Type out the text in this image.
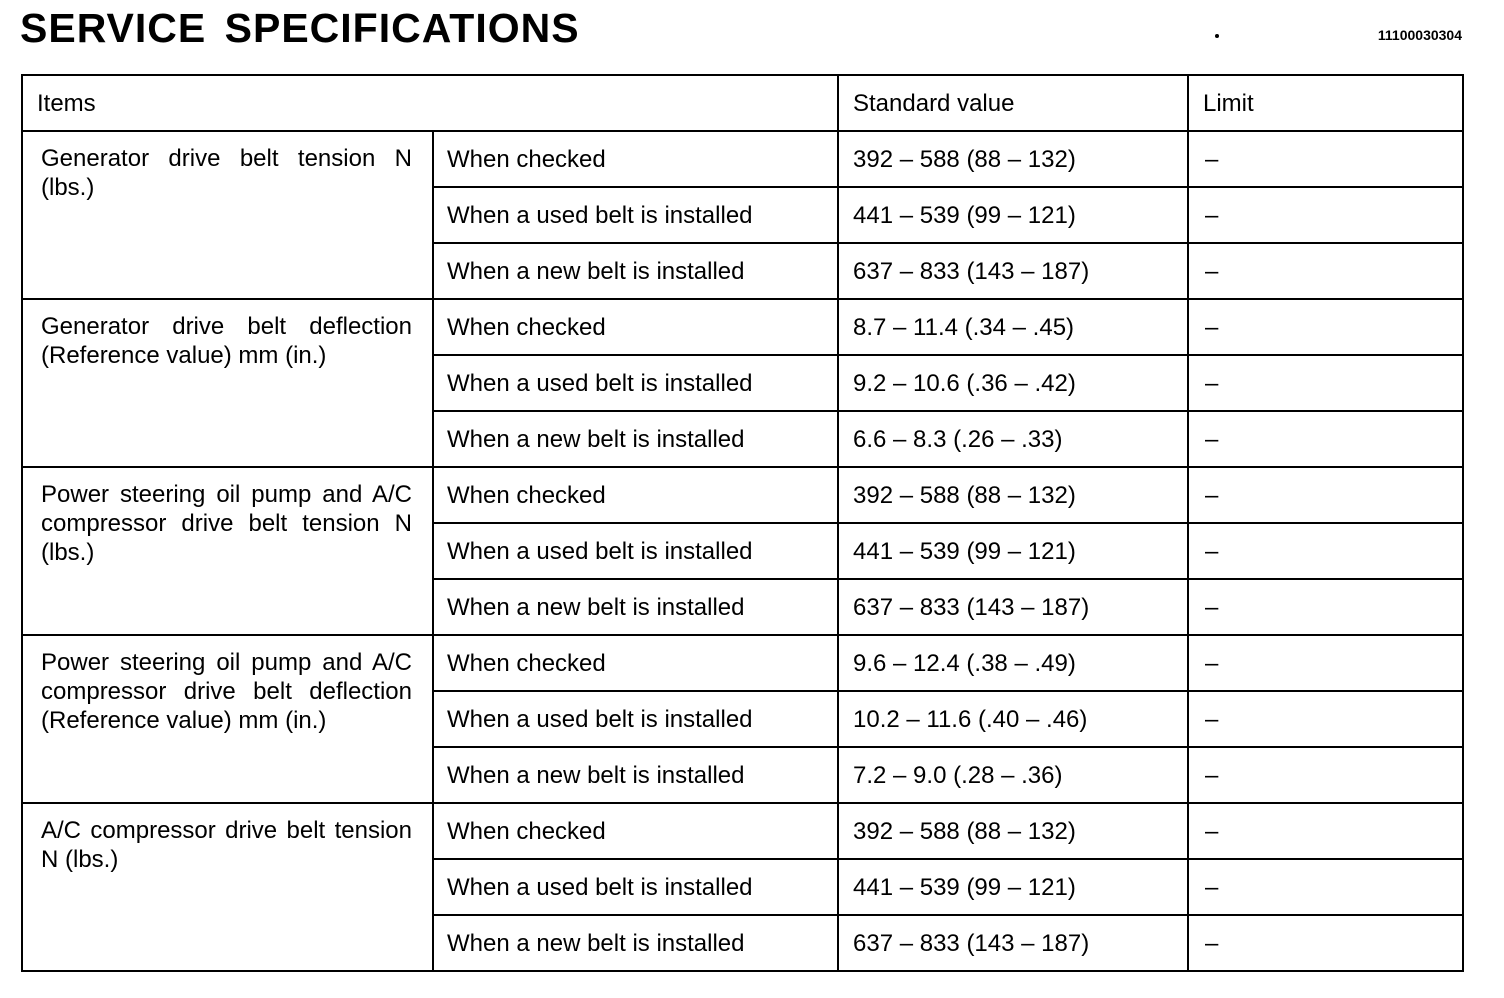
SERVICE SPECIFICATIONS	11100030304
Items		Standard value	Limit
Generator drive belt tension N (lbs.)	When checked	392 – 588 (88 – 132)	–
	When a used belt is installed	441 – 539 (99 – 121)	–
	When a new belt is installed	637 – 833 (143 – 187)	–
Generator drive belt deflection (Reference value) mm (in.)	When checked	8.7 – 11.4 (.34 – .45)	–
	When a used belt is installed	9.2 – 10.6 (.36 – .42)	–
	When a new belt is installed	6.6 – 8.3 (.26 – .33)	–
Power steering oil pump and A/C compressor drive belt tension N (lbs.)	When checked	392 – 588 (88 – 132)	–
	When a used belt is installed	441 – 539 (99 – 121)	–
	When a new belt is installed	637 – 833 (143 – 187)	–
Power steering oil pump and A/C compressor drive belt deflection (Reference value) mm (in.)	When checked	9.6 – 12.4 (.38 – .49)	–
	When a used belt is installed	10.2 – 11.6 (.40 – .46)	–
	When a new belt is installed	7.2 – 9.0 (.28 – .36)	–
A/C compressor drive belt tension N (lbs.)	When checked	392 – 588 (88 – 132)	–
	When a used belt is installed	441 – 539 (99 – 121)	–
	When a new belt is installed	637 – 833 (143 – 187)	–
